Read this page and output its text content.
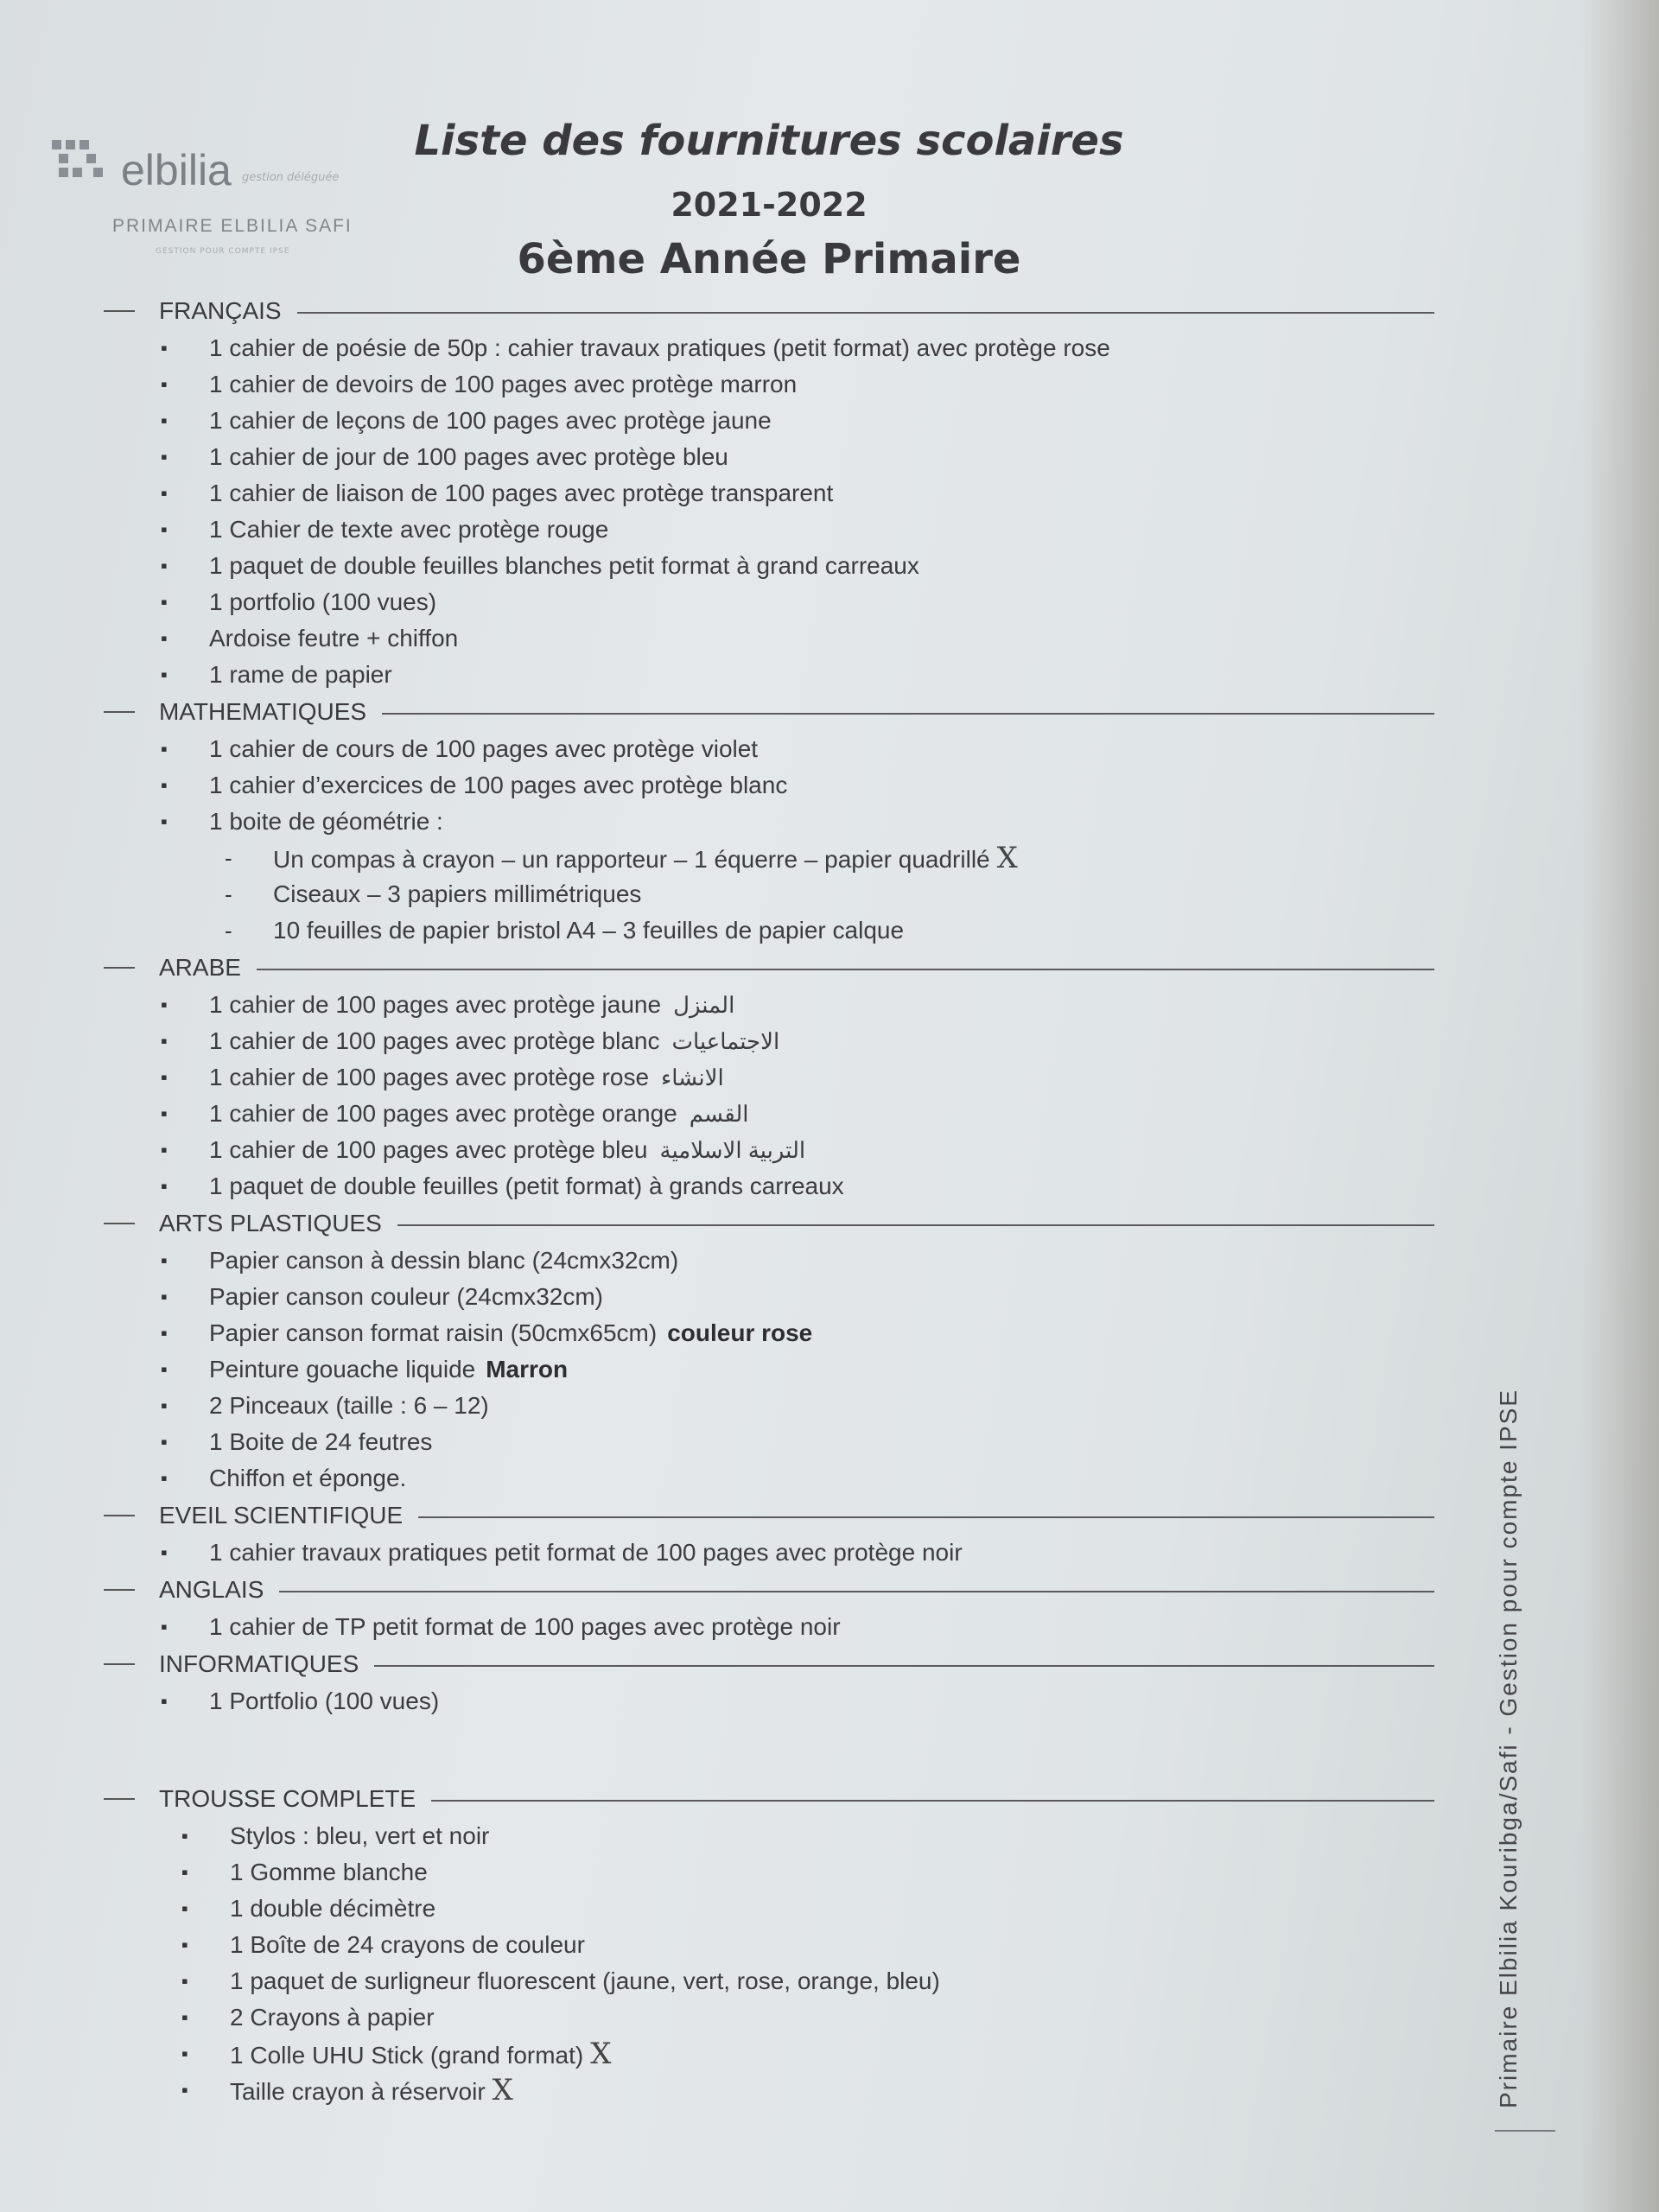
elbilia gestion déléguée
PRIMAIRE ELBILIA SAFI
GESTION POUR COMPTE IPSE
Liste des fournitures scolaires
2021-2022
6ème Année Primaire
FRANÇAIS
▪ 1 cahier de poésie de 50p : cahier travaux pratiques (petit format) avec protège rose
▪ 1 cahier de devoirs de 100 pages avec protège marron
▪ 1 cahier de leçons de 100 pages avec protège jaune
▪ 1 cahier de jour de 100 pages avec protège bleu
▪ 1 cahier de liaison de 100 pages avec protège transparent
▪ 1 Cahier de texte avec protège rouge
▪ 1 paquet de double feuilles blanches petit format à grand carreaux
▪ 1 portfolio (100 vues)
▪ Ardoise feutre + chiffon
▪ 1 rame de papier
MATHEMATIQUES
▪ 1 cahier de cours de 100 pages avec protège violet
▪ 1 cahier d’exercices de 100 pages avec protège blanc
▪ 1 boite de géométrie :
- Un compas à crayon – un rapporteur – 1 équerre – papier quadrillé X
- Ciseaux – 3 papiers millimétriques
- 10 feuilles de papier bristol A4 – 3 feuilles de papier calque
ARABE
▪ 1 cahier de 100 pages avec protège jaune المنزل
▪ 1 cahier de 100 pages avec protège blanc الاجتماعيات
▪ 1 cahier de 100 pages avec protège rose الانشاء
▪ 1 cahier de 100 pages avec protège orange القسم
▪ 1 cahier de 100 pages avec protège bleu التربية الاسلامية
▪ 1 paquet de double feuilles (petit format) à grands carreaux
ARTS PLASTIQUES
▪ Papier canson à dessin blanc (24cmx32cm)
▪ Papier canson couleur (24cmx32cm)
▪ Papier canson format raisin (50cmx65cm) couleur rose
▪ Peinture gouache liquide Marron
▪ 2 Pinceaux (taille : 6 – 12)
▪ 1 Boite de 24 feutres
▪ Chiffon et éponge.
EVEIL SCIENTIFIQUE
▪ 1 cahier travaux pratiques petit format de 100 pages avec protège noir
ANGLAIS
▪ 1 cahier de TP petit format de 100 pages avec protège noir
INFORMATIQUES
▪ 1 Portfolio (100 vues)
TROUSSE COMPLETE
▪ Stylos : bleu, vert et noir
▪ 1 Gomme blanche
▪ 1 double décimètre
▪ 1 Boîte de 24 crayons de couleur
▪ 1 paquet de surligneur fluorescent (jaune, vert, rose, orange, bleu)
▪ 2 Crayons à papier
▪ 1 Colle UHU Stick (grand format) X
▪ Taille crayon à réservoir X	Primaire Elbilia Kouribga/Safi - Gestion pour compte IPSE
